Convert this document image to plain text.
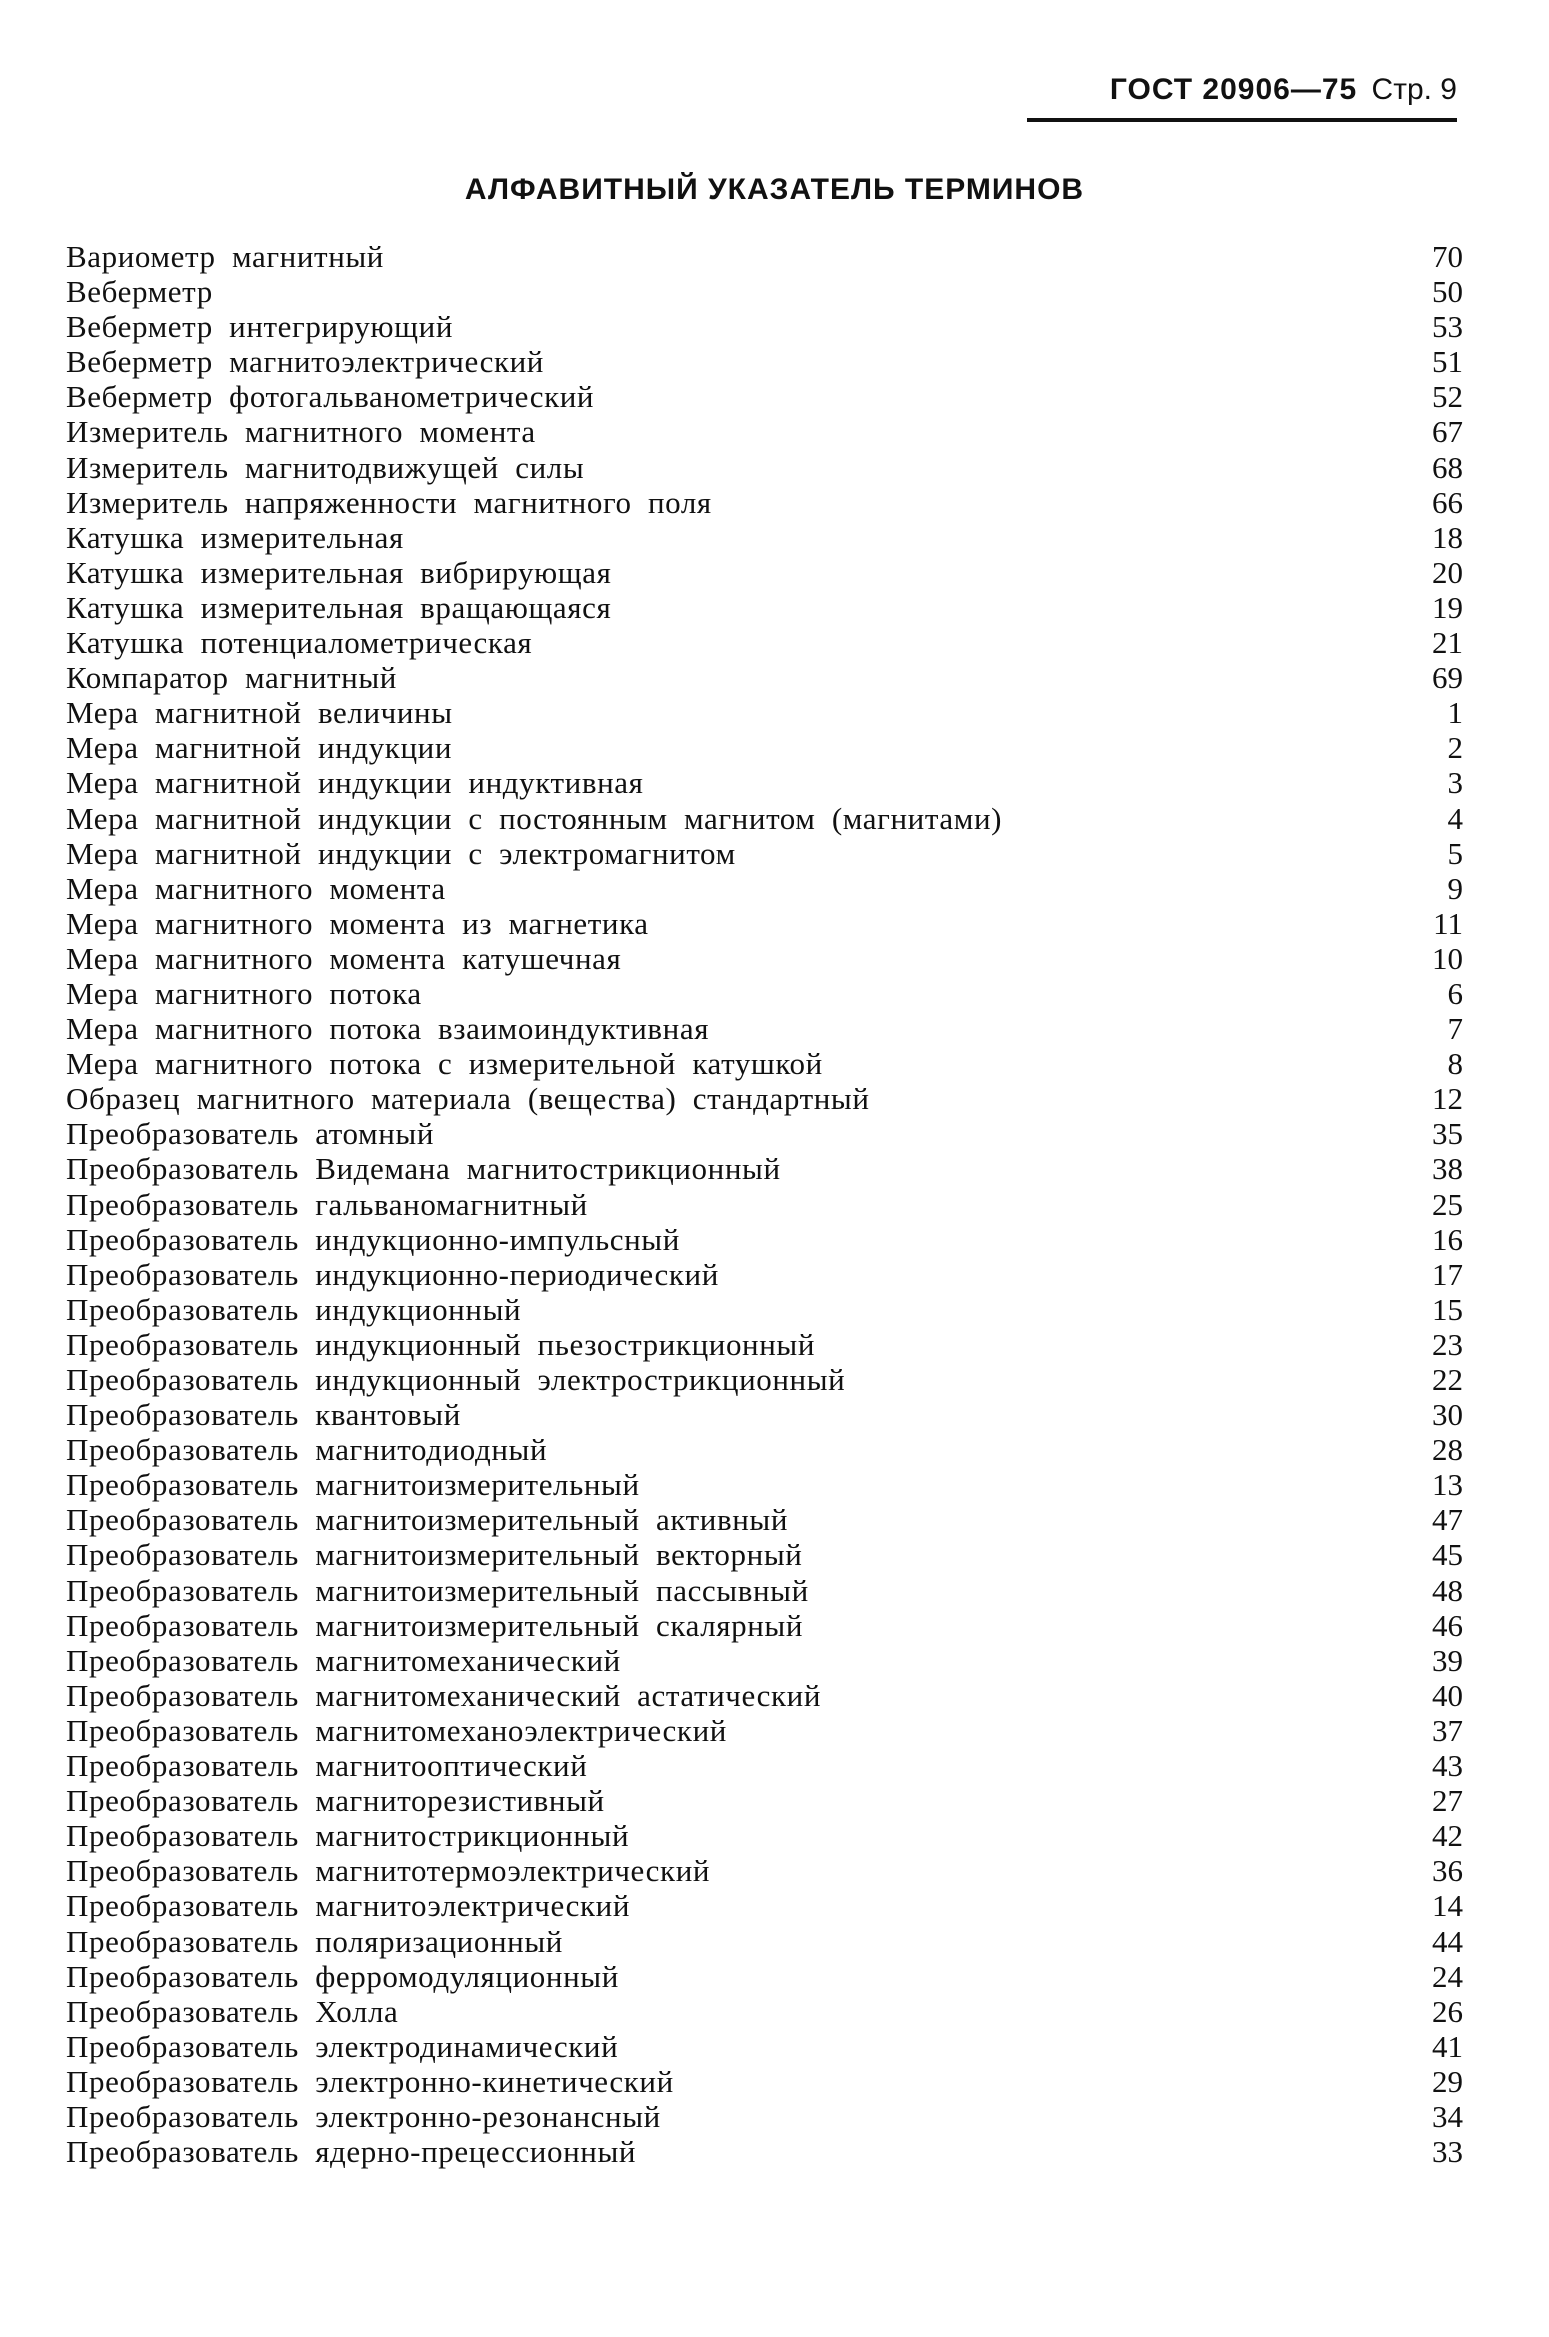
ГОСТ 20906—75 Стр. 9
АЛФАВИТНЫЙ УКАЗАТЕЛЬ ТЕРМИНОВ
Вариометр магнитный	70
Веберметр	50
Веберметр интегрирующий	53
Веберметр магнитоэлектрический	51
Веберметр фотогальванометрический	52
Измеритель магнитного момента	67
Измеритель магнитодвижущей силы	68
Измеритель напряженности магнитного поля	66
Катушка измерительная	18
Катушка измерительная вибрирующая	20
Катушка измерительная вращающаяся	19
Катушка потенциалометрическая	21
Компаратор магнитный	69
Мера магнитной величины	1
Мера магнитной индукции	2
Мера магнитной индукции индуктивная	3
Мера магнитной индукции с постоянным магнитом (магнитами)	4
Мера магнитной индукции с электромагнитом	5
Мера магнитного момента	9
Мера магнитного момента из магнетика	11
Мера магнитного момента катушечная	10
Мера магнитного потока	6
Мера магнитного потока взаимоиндуктивная	7
Мера магнитного потока с измерительной катушкой	8
Образец магнитного материала (вещества) стандартный	12
Преобразователь атомный	35
Преобразователь Видемана магнитострикционный	38
Преобразователь гальваномагнитный	25
Преобразователь индукционно-импульсный	16
Преобразователь индукционно-периодический	17
Преобразователь индукционный	15
Преобразователь индукционный пьезострикционный	23
Преобразователь индукционный электрострикционный	22
Преобразователь квантовый	30
Преобразователь магнитодиодный	28
Преобразователь магнитоизмерительный	13
Преобразователь магнитоизмерительный активный	47
Преобразователь магнитоизмерительный векторный	45
Преобразователь магнитоизмерительный пассывный	48
Преобразователь магнитоизмерительный скалярный	46
Преобразователь магнитомеханический	39
Преобразователь магнитомеханический астатический	40
Преобразователь магнитомеханоэлектрический	37
Преобразователь магнитооптический	43
Преобразователь магниторезистивный	27
Преобразователь магнитострикционный	42
Преобразователь магнитотермоэлектрический	36
Преобразователь магнитоэлектрический	14
Преобразователь поляризационный	44
Преобразователь ферромодуляционный	24
Преобразователь Холла	26
Преобразователь электродинамический	41
Преобразователь электронно-кинетический	29
Преобразователь электронно-резонансный	34
Преобразователь ядерно-прецессионный	33
